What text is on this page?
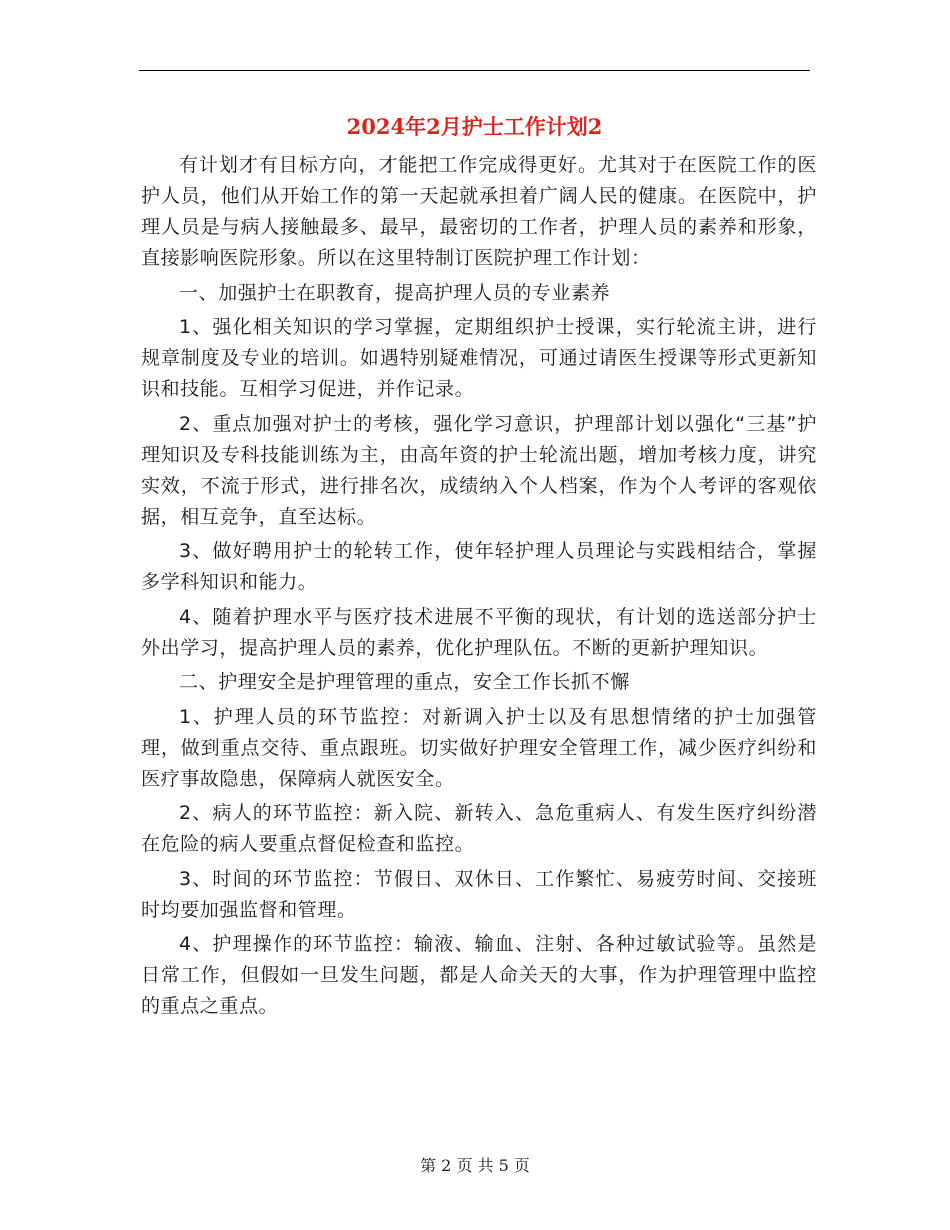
2024年2月护士工作计划2

有计划才有目标方向，才能把工作完成得更好。尤其对于在医院工作的医护人员，他们从开始工作的第一天起就承担着广阔人民的健康。在医院中，护理人员是与病人接触最多、最早，最密切的工作者，护理人员的素养和形象，直接影响医院形象。所以在这里特制订医院护理工作计划：

一、加强护士在职教育，提高护理人员的专业素养

1、强化相关知识的学习掌握，定期组织护士授课，实行轮流主讲，进行规章制度及专业的培训。如遇特别疑难情况，可通过请医生授课等形式更新知识和技能。互相学习促进，并作记录。

2、重点加强对护士的考核，强化学习意识，护理部计划以强化“三基”护理知识及专科技能训练为主，由高年资的护士轮流出题，增加考核力度，讲究实效，不流于形式，进行排名次，成绩纳入个人档案，作为个人考评的客观依据，相互竞争，直至达标。

3、做好聘用护士的轮转工作，使年轻护理人员理论与实践相结合，掌握多学科知识和能力。

4、随着护理水平与医疗技术进展不平衡的现状，有计划的选送部分护士外出学习，提高护理人员的素养，优化护理队伍。不断的更新护理知识。

二、护理安全是护理管理的重点，安全工作长抓不懈

1、护理人员的环节监控：对新调入护士以及有思想情绪的护士加强管理，做到重点交待、重点跟班。切实做好护理安全管理工作，减少医疗纠纷和医疗事故隐患，保障病人就医安全。

2、病人的环节监控：新入院、新转入、急危重病人、有发生医疗纠纷潜在危险的病人要重点督促检查和监控。

3、时间的环节监控：节假日、双休日、工作繁忙、易疲劳时间、交接班时均要加强监督和管理。

4、护理操作的环节监控：输液、输血、注射、各种过敏试验等。虽然是日常工作，但假如一旦发生问题，都是人命关天的大事，作为护理管理中监控的重点之重点。

第 2 页 共 5 页
